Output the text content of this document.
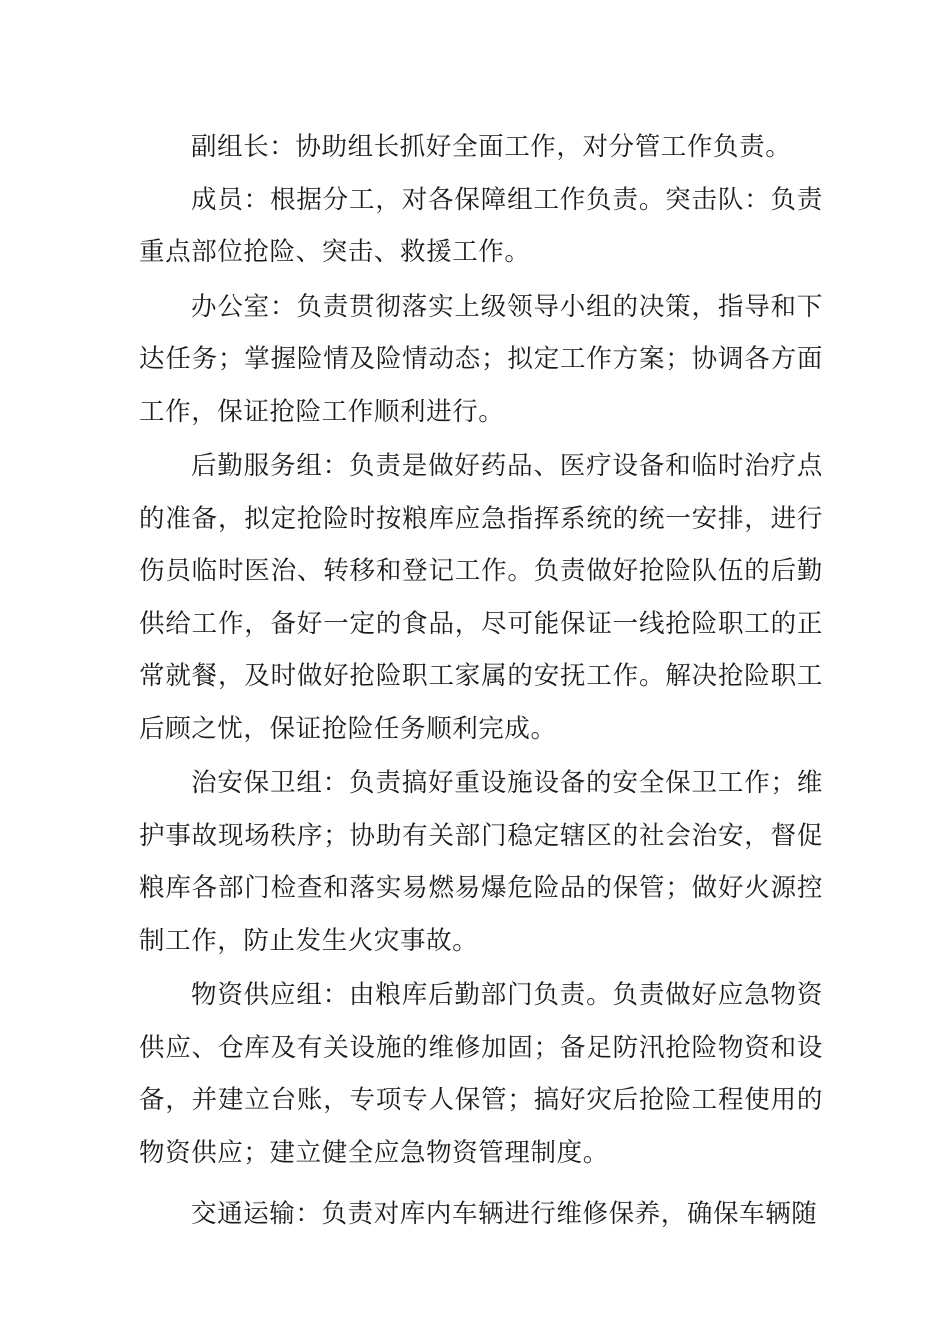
副组长：协助组长抓好全面工作，对分管工作负责。

成员：根据分工，对各保障组工作负责。突击队：负责重点部位抢险、突击、救援工作。

办公室：负责贯彻落实上级领导小组的决策，指导和下达任务；掌握险情及险情动态；拟定工作方案；协调各方面工作，保证抢险工作顺利进行。

后勤服务组：负责是做好药品、医疗设备和临时治疗点的准备，拟定抢险时按粮库应急指挥系统的统一安排，进行伤员临时医治、转移和登记工作。负责做好抢险队伍的后勤供给工作，备好一定的食品，尽可能保证一线抢险职工的正常就餐，及时做好抢险职工家属的安抚工作。解决抢险职工后顾之忧，保证抢险任务顺利完成。

治安保卫组：负责搞好重设施设备的安全保卫工作；维护事故现场秩序；协助有关部门稳定辖区的社会治安，督促粮库各部门检查和落实易燃易爆危险品的保管；做好火源控制工作，防止发生火灾事故。

物资供应组：由粮库后勤部门负责。负责做好应急物资供应、仓库及有关设施的维修加固；备足防汛抢险物资和设备，并建立台账，专项专人保管；搞好灾后抢险工程使用的物资供应；建立健全应急物资管理制度。

交通运输：负责对库内车辆进行维修保养，确保车辆随
